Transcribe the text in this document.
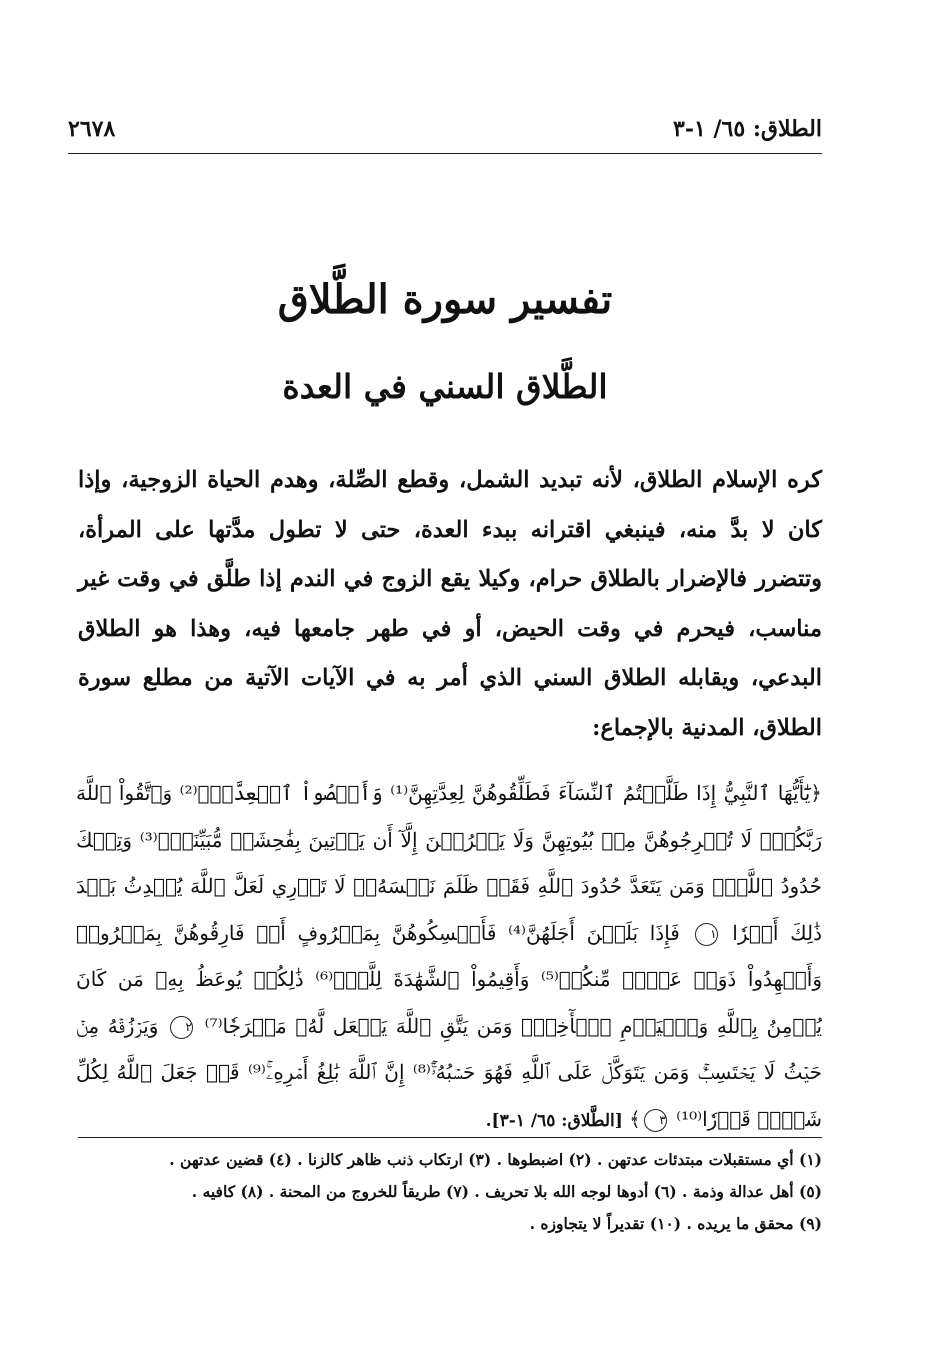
الطلاق: ٦٥/ ١-٣
٢٦٧٨
تفسير سورة الطَّلاق
الطَّلاق السني في العدة
كره الإسلام الطلاق، لأنه تبديد الشمل، وقطع الصِّلة، وهدم الحياة الزوجية، وإذا كان لا بدَّ منه، فينبغي اقترانه ببدء العدة، حتى لا تطول مدَّتها على المرأة، وتتضرر فالإضرار بالطلاق حرام، وكيلا يقع الزوج في الندم إذا طلَّق في وقت غير مناسب، فيحرم في وقت الحيض، أو في طهر جامعها فيه، وهذا هو الطلاق البدعي، ويقابله الطلاق السني الذي أمر به في الآيات الآتية من مطلع سورة الطلاق، المدنية بالإجماع:
﴿يَٰٓأَيُّهَا ٱلنَّبِيُّ إِذَا طَلَّقۡتُمُ ٱلنِّسَآءَ فَطَلِّقُوهُنَّ لِعِدَّتِهِنَّ⁽¹⁾ وَأَحۡصُواْ ٱلۡعِدَّةَۖ⁽²⁾ وَٱتَّقُواْ ٱللَّهَ رَبَّكُمۡۖ لَا تُخۡرِجُوهُنَّ مِنۢ بُيُوتِهِنَّ وَلَا يَخۡرُجۡنَ إِلَّآ أَن يَأۡتِينَ بِفَٰحِشَةٖ مُّبَيِّنَةٖۚ⁽³⁾ وَتِلۡكَ حُدُودُ ٱللَّهِۚ وَمَن يَتَعَدَّ حُدُودَ ٱللَّهِ فَقَدۡ ظَلَمَ نَفۡسَهُۥۚ لَا تَدۡرِي لَعَلَّ ٱللَّهَ يُحۡدِثُ بَعۡدَ ذَٰلِكَ أَمۡرٗا ١ فَإِذَا بَلَغۡنَ أَجَلَهُنَّ⁽⁴⁾ فَأَمۡسِكُوهُنَّ بِمَعۡرُوفٍ أَوۡ فَارِقُوهُنَّ بِمَعۡرُوفٖ وَأَشۡهِدُواْ ذَوَيۡ عَدۡلٖ مِّنكُمۡ⁽⁵⁾ وَأَقِيمُواْ ٱلشَّهَٰدَةَ لِلَّهِۚ⁽⁶⁾ ذَٰلِكُمۡ يُوعَظُ بِهِۦ مَن كَانَ يُؤۡمِنُ بِٱللَّهِ وَٱلۡيَوۡمِ ٱلۡأٓخِرِۚ وَمَن يَتَّقِ ٱللَّهَ يَجۡعَل لَّهُۥ مَخۡرَجٗا⁽⁷⁾ ٢ وَيَرۡزُقۡهُ مِنۡ حَيۡثُ لَا يَحۡتَسِبُۚ وَمَن يَتَوَكَّلۡ عَلَى ٱللَّهِ فَهُوَ حَسۡبُهُۥٓۚ⁽⁸⁾ إِنَّ ٱللَّهَ بَٰلِغُ أَمۡرِهِۦۚ⁽⁹⁾ قَدۡ جَعَلَ ٱللَّهُ لِكُلِّ شَيۡءٖ قَدۡرٗا⁽¹⁰⁾ ٣﴾ [الطَّلاق: ٦٥/ ١-٣].
(١) أي مستقبلات مبتدئات عدتهن . (٢) اضبطوها . (٣) ارتكاب ذنب ظاهر كالزنا . (٤) قضين عدتهن .
(٥) أهل عدالة وذمة . (٦) أدوها لوجه الله بلا تحريف . (٧) طريقاً للخروج من المحنة . (٨) كافيه .
(٩) محقق ما يريده . (١٠) تقديراً لا يتجاوزه .
